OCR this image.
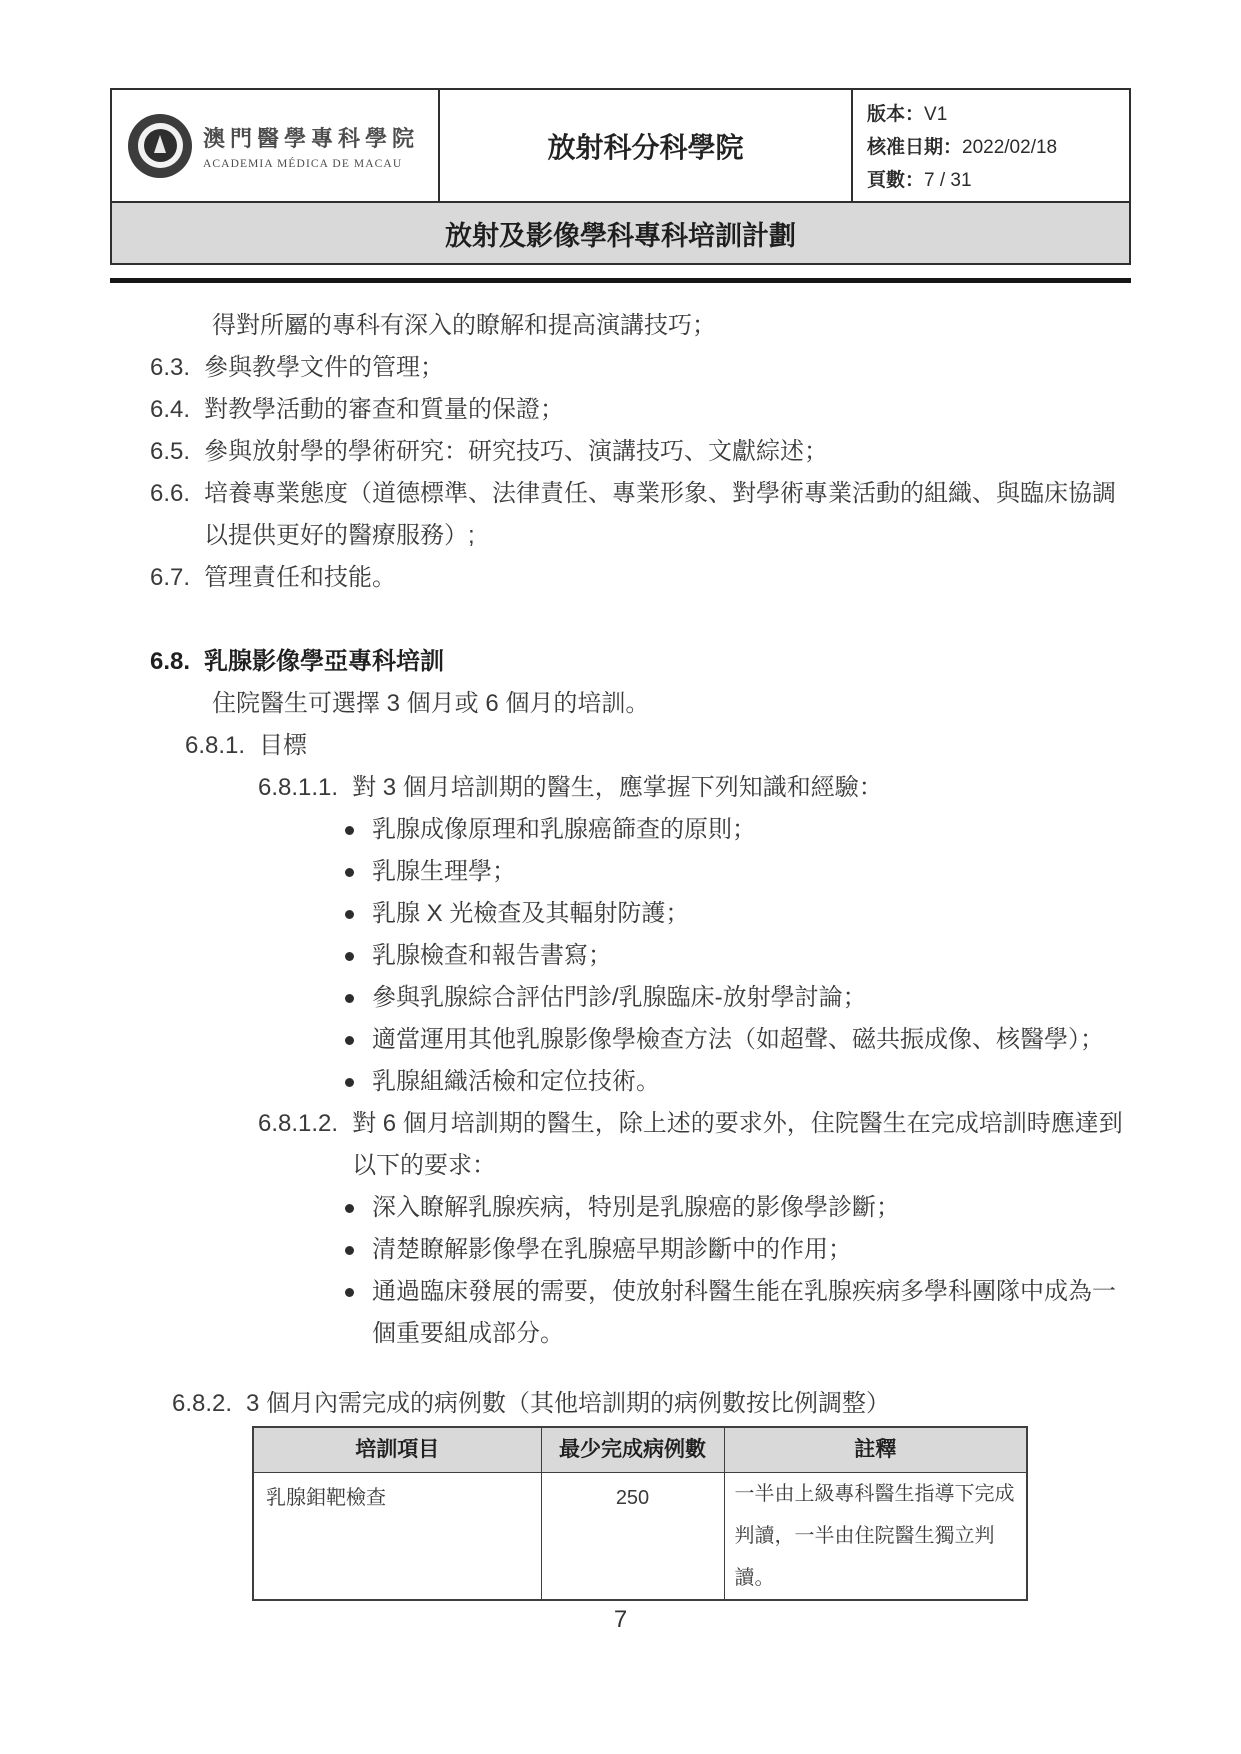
澳門醫學專科學院
ACADEMIA MÉDICA DE MACAU
放射科分科學院
版本：V1
核准日期：2022/02/18
頁數：7 / 31
放射及影像學科專科培訓計劃
得對所屬的專科有深入的瞭解和提高演講技巧；
6.3. 參與教學文件的管理；
6.4. 對教學活動的審查和質量的保證；
6.5. 參與放射學的學術研究：研究技巧、演講技巧、文獻綜述；
6.6. 培養專業態度（道德標準、法律責任、專業形象、對學術專業活動的組織、與臨床協調以提供更好的醫療服務）;
6.7. 管理責任和技能。
6.8. 乳腺影像學亞專科培訓
住院醫生可選擇 3 個月或 6 個月的培訓。
6.8.1. 目標
6.8.1.1. 對 3 個月培訓期的醫生，應掌握下列知識和經驗：
乳腺成像原理和乳腺癌篩查的原則；
乳腺生理學；
乳腺 X 光檢查及其輻射防護；
乳腺檢查和報告書寫；
參與乳腺綜合評估門診/乳腺臨床-放射學討論；
適當運用其他乳腺影像學檢查方法（如超聲、磁共振成像、核醫學）；
乳腺組織活檢和定位技術。
6.8.1.2. 對 6 個月培訓期的醫生，除上述的要求外，住院醫生在完成培訓時應達到以下的要求：
深入瞭解乳腺疾病，特別是乳腺癌的影像學診斷；
清楚瞭解影像學在乳腺癌早期診斷中的作用；
通過臨床發展的需要，使放射科醫生能在乳腺疾病多學科團隊中成為一個重要組成部分。
6.8.2. 3 個月內需完成的病例數（其他培訓期的病例數按比例調整）
培訓項目	最少完成病例數	註釋
乳腺鉬靶檢查	250	一半由上級專科醫生指導下完成判讀，一半由住院醫生獨立判讀。
7
